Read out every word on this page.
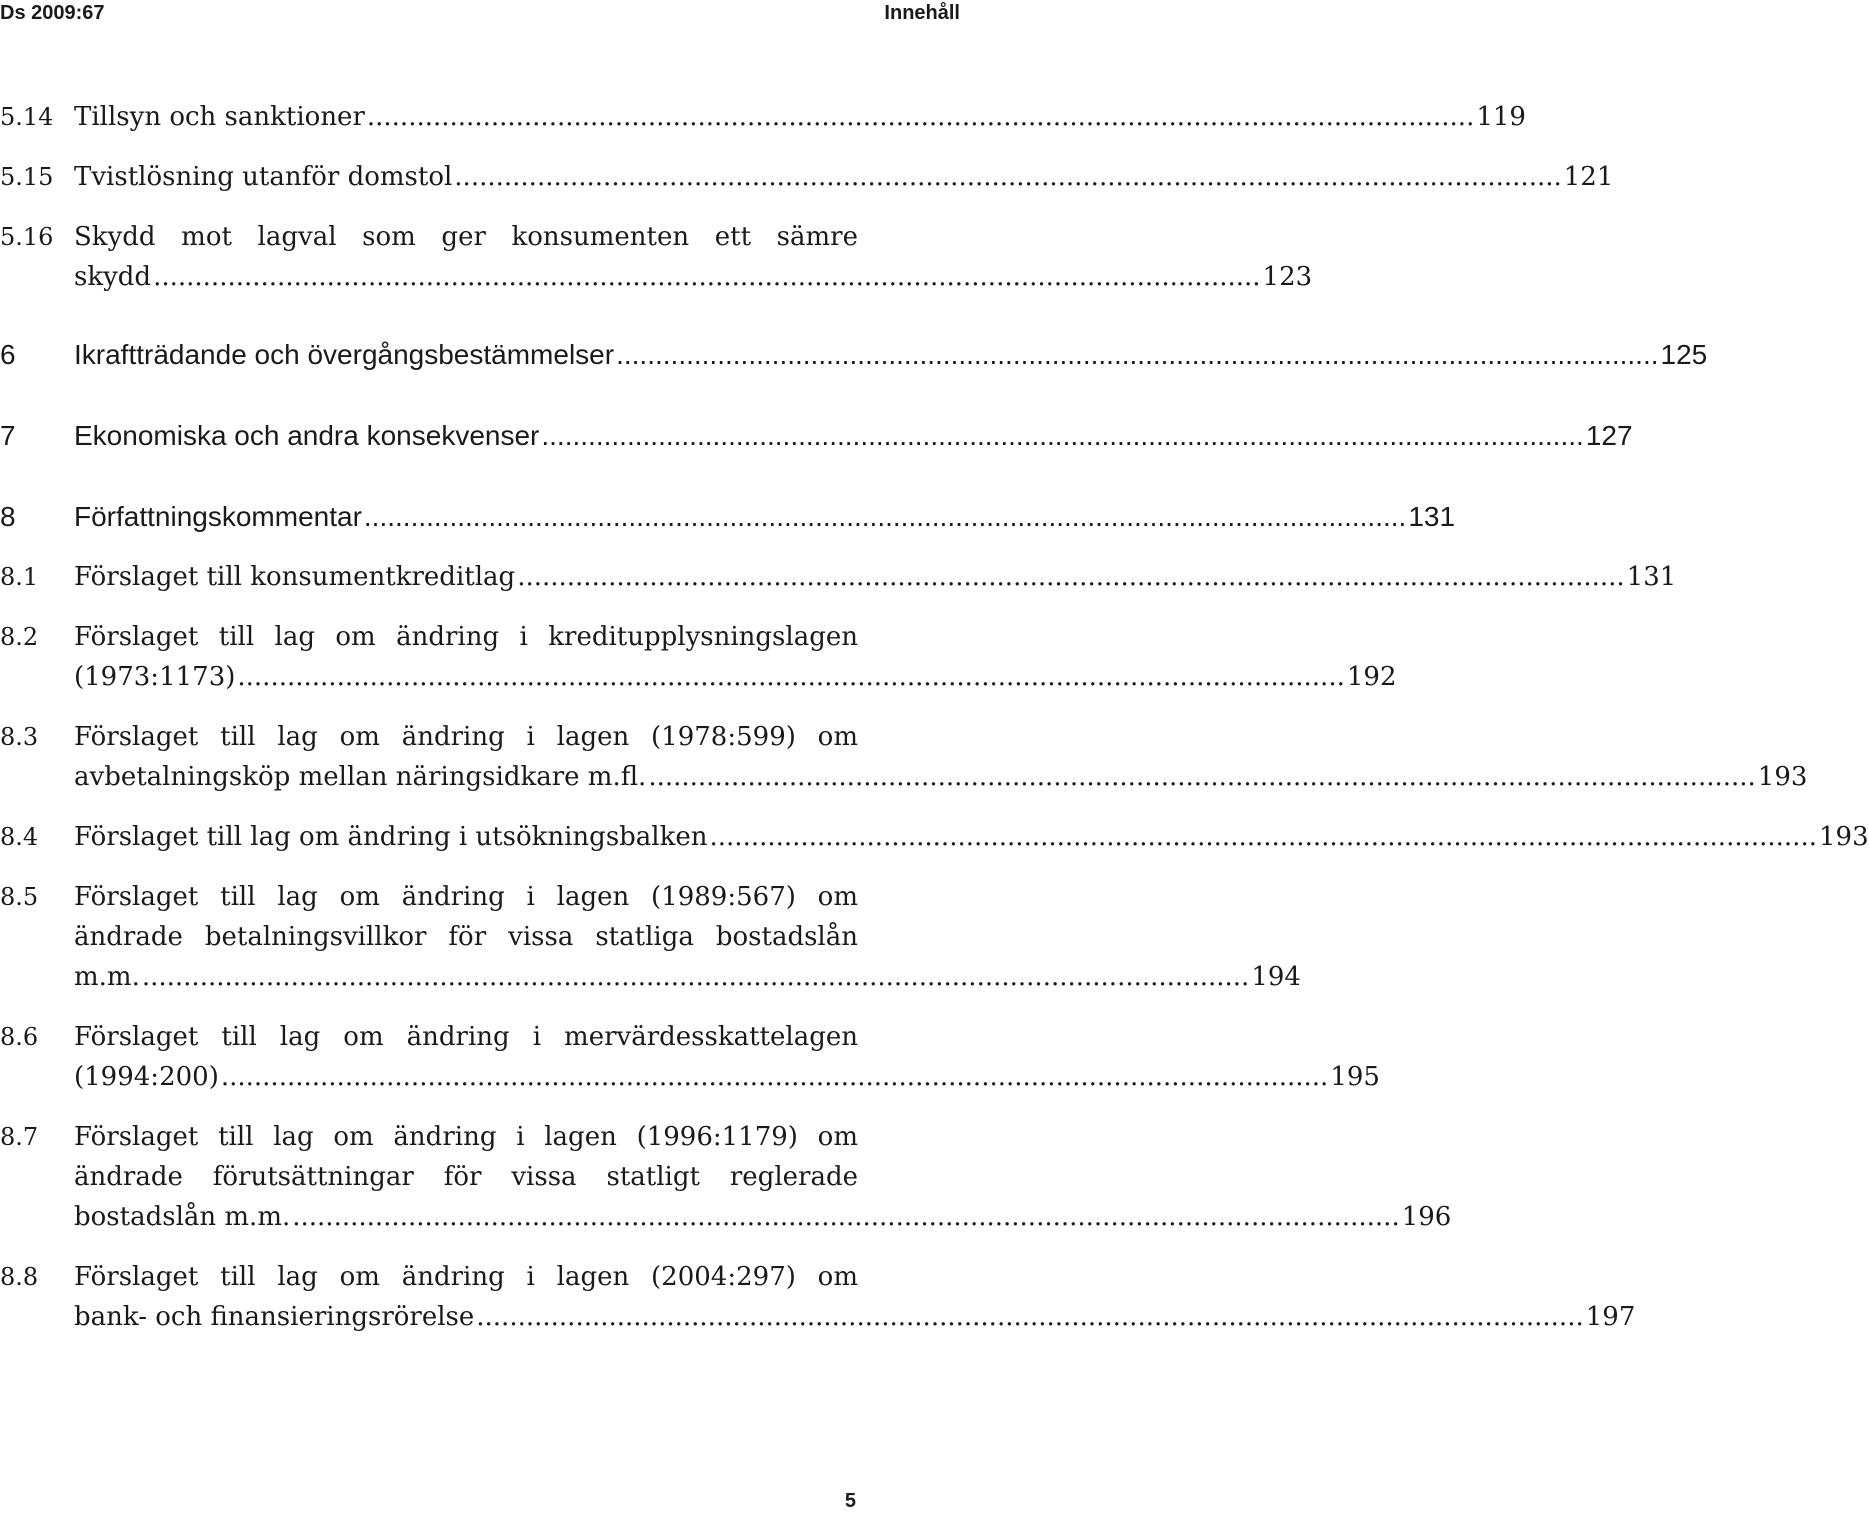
Ds 2009:67	Innehåll
5.14 Tillsyn och sanktioner ...................................................................................................................................... 119
5.15 Tvistlösning utanför domstol ...................................................................................................................................... 121
5.16 Skydd mot lagval som ger konsumenten ett sämre
skydd ...................................................................................................................................... 123
6 Ikraftträdande och övergångsbestämmelser ...................................................................................................................................... 125
7 Ekonomiska och andra konsekvenser ...................................................................................................................................... 127
8 Författningskommentar ...................................................................................................................................... 131
8.1 Förslaget till konsumentkreditlag ...................................................................................................................................... 131
8.2 Förslaget till lag om ändring i kreditupplysningslagen
(1973:1173) ...................................................................................................................................... 192
8.3 Förslaget till lag om ändring i lagen (1978:599) om
avbetalningsköp mellan näringsidkare m.fl. ...................................................................................................................................... 193
8.4 Förslaget till lag om ändring i utsökningsbalken ...................................................................................................................................... 193
8.5 Förslaget till lag om ändring i lagen (1989:567) om
ändrade betalningsvillkor för vissa statliga bostadslån
m.m. ...................................................................................................................................... 194
8.6 Förslaget till lag om ändring i mervärdesskattelagen
(1994:200) ...................................................................................................................................... 195
8.7 Förslaget till lag om ändring i lagen (1996:1179) om
ändrade förutsättningar för vissa statligt reglerade
bostadslån m.m. ...................................................................................................................................... 196
8.8 Förslaget till lag om ändring i lagen (2004:297) om
bank- och finansieringsrörelse ...................................................................................................................................... 197
5
